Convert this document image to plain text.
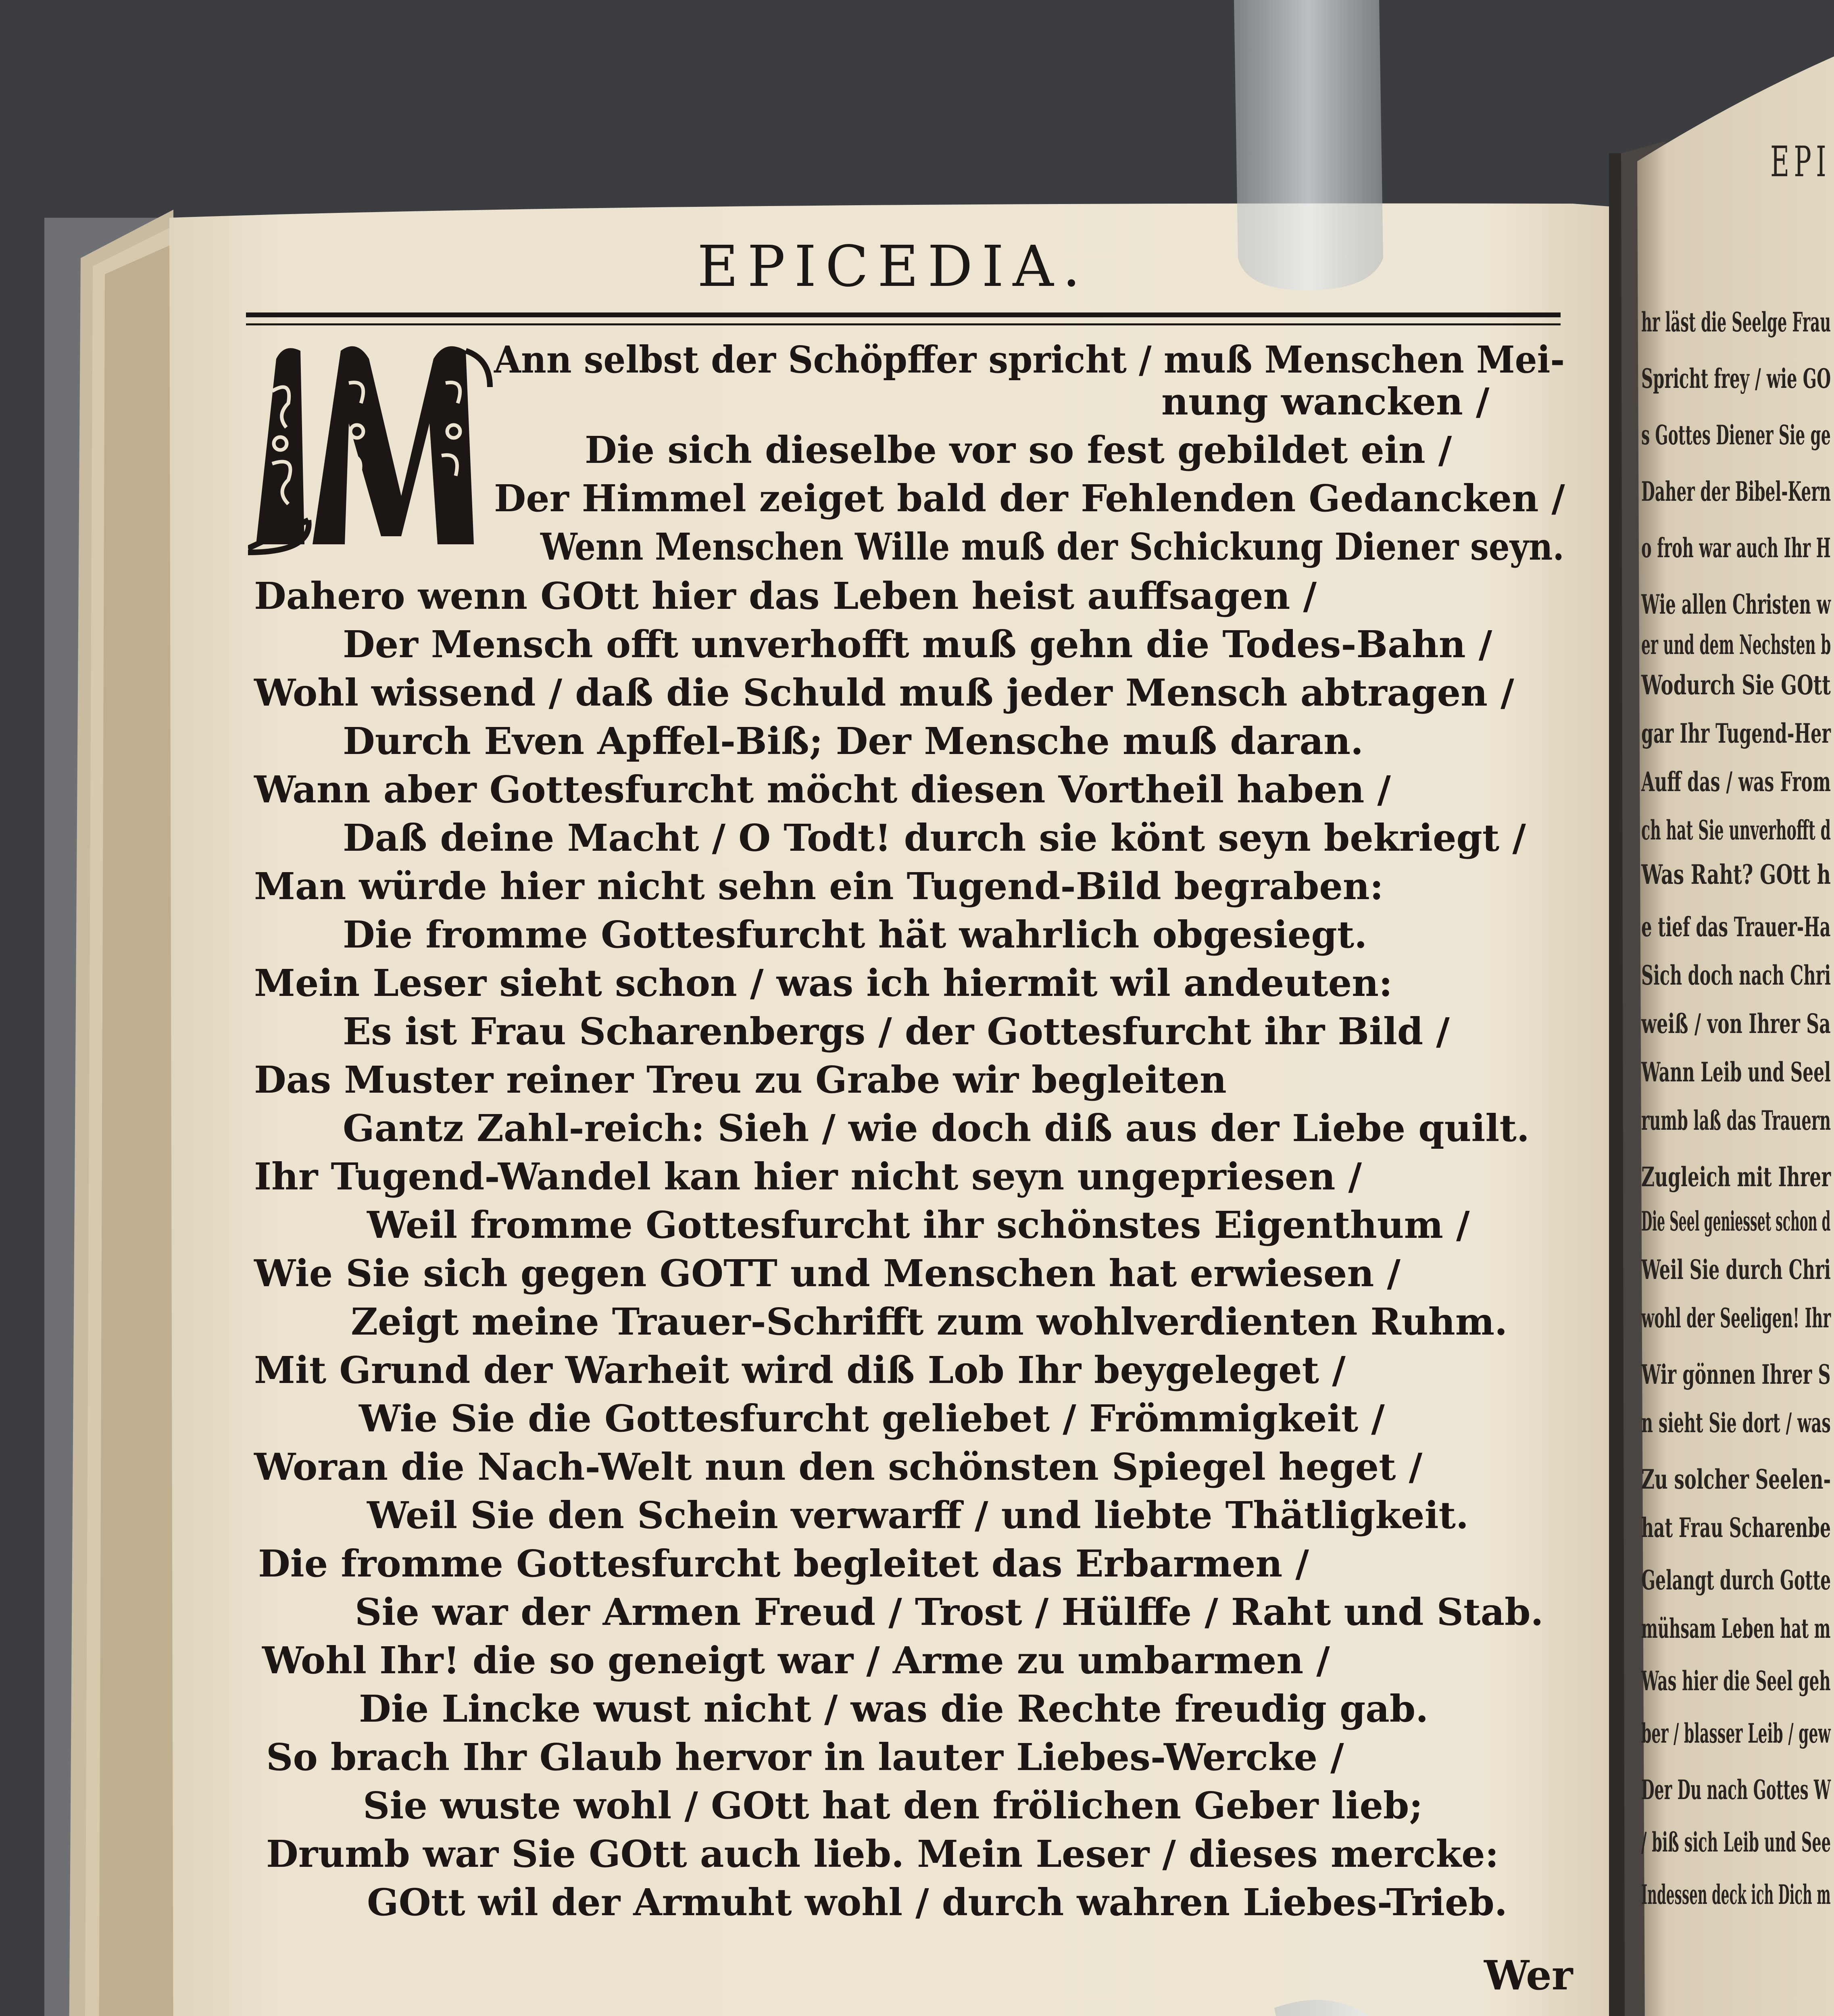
EPICEDIA.
Ann selbst der Schöpffer spricht / muß Menschen Mei-
nung wancken /
Die sich dieselbe vor so fest gebildet ein /
Der Himmel zeiget bald der Fehlenden Gedancken /
Wenn Menschen Wille muß der Schickung Diener seyn.
Dahero wenn GOtt hier das Leben heist auffsagen /
Der Mensch offt unverhofft muß gehn die Todes-Bahn /
Wohl wissend / daß die Schuld muß jeder Mensch abtragen /
Durch Even Apffel-Biß; Der Mensche muß daran.
Wann aber Gottesfurcht möcht diesen Vortheil haben /
Daß deine Macht / O Todt! durch sie könt seyn bekriegt /
Man würde hier nicht sehn ein Tugend-Bild begraben:
Die fromme Gottesfurcht hät wahrlich obgesiegt.
Mein Leser sieht schon / was ich hiermit wil andeuten:
Es ist Frau Scharenbergs / der Gottesfurcht ihr Bild /
Das Muster reiner Treu zu Grabe wir begleiten
Gantz Zahl-reich: Sieh / wie doch diß aus der Liebe quilt.
Ihr Tugend-Wandel kan hier nicht seyn ungepriesen /
Weil fromme Gottesfurcht ihr schönstes Eigenthum /
Wie Sie sich gegen GOTT und Menschen hat erwiesen /
Zeigt meine Trauer-Schrifft zum wohlverdienten Ruhm.
Mit Grund der Warheit wird diß Lob Ihr beygeleget /
Wie Sie die Gottesfurcht geliebet / Frömmigkeit /
Woran die Nach-Welt nun den schönsten Spiegel heget /
Weil Sie den Schein verwarff / und liebte Thätligkeit.
Die fromme Gottesfurcht begleitet das Erbarmen /
Sie war der Armen Freud / Trost / Hülffe / Raht und Stab.
Wohl Ihr! die so geneigt war / Arme zu umbarmen /
Die Lincke wust nicht / was die Rechte freudig gab.
So brach Ihr Glaub hervor in lauter Liebes-Wercke /
Sie wuste wohl / GOtt hat den frölichen Geber lieb;
Drumb war Sie GOtt auch lieb. Mein Leser / dieses mercke:
GOtt wil der Armuht wohl / durch wahren Liebes-Trieb.
Wer
EPI
hr läst die Seelge Frau
Spricht frey / wie GO
s Gottes Diener Sie ge
Daher der Bibel-Kern
o froh war auch Ihr H
Wie allen Christen w
er und dem Nechsten b
Wodurch Sie GOtt
gar Ihr Tugend-Her
Auff das / was From
ch hat Sie unverhofft d
Was Raht? GOtt h
e tief das Trauer-Ha
Sich doch nach Chri
weiß / von Ihrer Sa
Wann Leib und Seel
rumb laß das Trauern
Zugleich mit Ihrer
Die Seel geniesset schon d
Weil Sie durch Chri
wohl der Seeligen! Ihr
Wir gönnen Ihrer S
n sieht Sie dort / was
Zu solcher Seelen-
hat Frau Scharenbe
Gelangt durch Gotte
mühsam Leben hat m
Was hier die Seel geh
ber / blasser Leib / gew
Der Du nach Gottes W
/ biß sich Leib und See
Indessen deck ich Dich m
